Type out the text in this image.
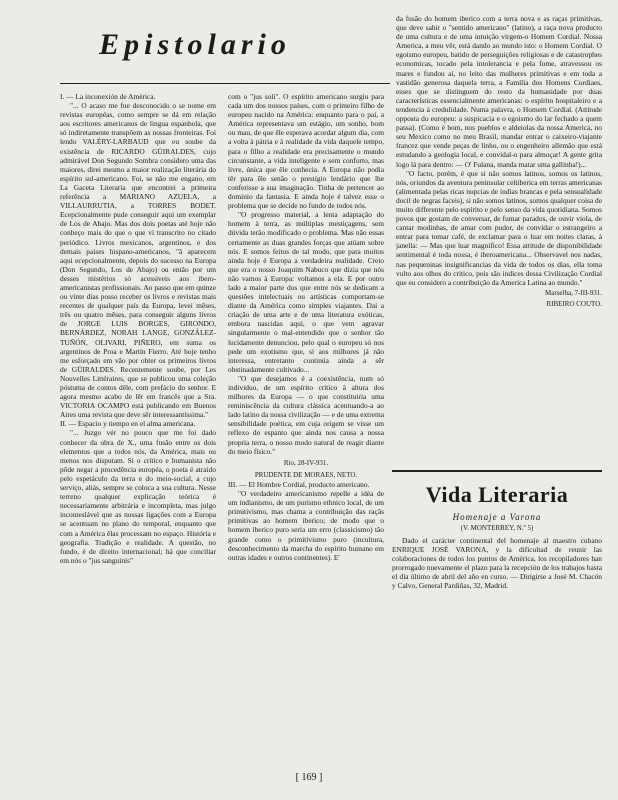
Epistolario

I. — La inconexión de América.

"... O acaso me fue desconocido o se nome em revistas européas, como sempre se dá em relação aos escritores americanos de lingua espanhola, que só indiretamente transpõem as nossas fronteiras. Foi lendo VALÉRY-LARBAUD que eu soube da existência de RICARDO GÜIRALDES, cujo admirável Don Segundo Sombra considero uma das maiores, direi mesmo a maior realização literária do espírito sul-americano. Foi, se não me engano, em La Gaceta Literaria que encontrei a primeira referência a MARIANO AZUELA, a VILLAURRUTIA, a TORRES BODET. Ecepcionalmente pude conseguir aqui um exemplar de Los de Abajo. Mas dos dois poetas até hoje não conheço mais do que o que vi transcrito no citado periódico. Livros mexicanos, argentinos, e dos demais países hispano-americanos, "ã aparecem aqui ecepcionalmente, depois do sucesso na Europa (Don Segundo, Los de Abajo) ou então por um desses mistérios só acessiveis aos ibero-americanistas profissionais. Ao passo que em quinze ou vinte dias posso receber os livros e revistas mais recentes de qualquer país da Europa, levei mêses, três ou quatro mêses, para conseguir alguns livros de JORGE LUIS BORGES, GIRONDO, BERNÁRDEZ, NORAH LANGE, GONZÁLEZ-TUÑÓN, OLIVARI, PIÑERO, em suma os argentinos de Proa e Martín Fierro. Até hoje tenho me esforçado em vão por obter os primeiros livros de GÜIRALDES. Recentemente soube, por Les Nouvelles Littéraires, que se publicou uma coleção póstuma de contos dêle, com prefácio do senhor. E agora mesmo acabo de lêr em francês que a Sra. VICTORIA OCAMPO está publicando em Buenos Aires uma revista que deve sêr interessantíssima."

II. — Espacio y tiempo en el alma americana.

"... Juzgo vér no pouco que me foi dado conhecer da obra de X., uma fusão entre os dois elementos que a todos nós, da América, mais ou menos nos disputam. Si o crítico e humanista não pôde negar a procedência européa, o poeta é atraido pelo espetáculo da terra e do meio-social, a cujo serviço, aliás, sempre se coloca a sua cultura. Nesse terreno qualquer explicação teórica é necessariamente arbitrária e incompleta, mas julgo inconteslável que as nossas ligações com a Europa se acentuam no plano do temporal, enquanto que com a América êlas processam no espaço. História e geografia. Tradição e realidade. A questão, no fundo, é de direito internacional; há que conciliar em nós o "jus sanguinis"

com o "jus soli". O espírito americano surgiu para cada um dos nossos países, com o primeiro filho de europeu nacido na América: enquanto para o pai, a América representava um estágio, um sonho, bom ou mau, de que êle esperava acordar algum dia, com a volta à pátria e à realidade da vida daquele tempo, para o filho a realidade era precisamente o mundo circunstante, a vida inteligente e sem conforto, mas livre, única que êle conhecia. A Europa não podia têr para êle senão o prestígio lendário que lhe conferisse a sua imaginação. Tinha de pertencer ao domínio da fantasia. E ainda hoje é talvez esse o problema que se decide no fundo de todos nós.

"O progresso material, a lenta adaptação do homem à terra, as múltiplas mestiçagens, sem dúvida terão modificado o problema. Mas não essas certamente as duas grandes forças que atúam sobre nós. E somos feitos de tal modo, que para muitos ainda hoje é Europa a verdadeira realidade. Creio que era o nosso Joaquim Nabuco que dizia que nós não vamos à Europa: voltamos a ela. E por outro lado a maior parte dos que entre nós se dedicam a questões intelectuais ou artísticas comportam-se diante da América como simples viajantes. Daí a criação de uma arte e de uma literatura exóticas, embora nascidas aqui, o que vem agravar singularmente o mal-entendido que o senhor tão lucidamente denunciou, pelo qual o europeu só nos pede um exotismo que, si aos milhores já não interessa, entretanto continúa ainda a sêr obstinadamente cultivado...

"O que desejamos é a coexistência, num só individuo, de um espírito crítico à altura dos milhores da Europa — o que constituiria uma reminiscência da cultura clássica acentuando-a ao lado latino da nossa civilização — e de uma extrema sensibilidade poética, em cuja origem se visse um reflexo do espanto que ainda nos causa a nossa propria terra, o nosso modo natural de reagir diante do meio físico."

Rio, 28-IV-931.
PRUDENTE DE MORAES, NETO.

III. — El Hombre Cordial, producto americano.

"O verdadeiro americanismo repelle a idéa de um indianismo, de um purismo ethnico local, de um primitivismo, mas chama a contribuição das raçãs primitivas ao homem iberico; de modo que o homem iberico puro seria um erro (classicismo) tão grande como o primitivismo puro (incultura, desconhecimento da marcha do espírito humano em outras idades e outros continentes). E'

da fusão do homem iberico com a terra nova e as raças primitivas, que deve sahir o "sentido americano" (latino), a raça nova producto de uma cultura e de uma intuição virgem-o Homem Cordial. Nossa America, a meu vêr, está dando ao mundo isto: o Homem Cordial. O egoismo europeu, batido de perseguições religiosas e de catastrophes economicas, tocado pela intolerancia e pela fome, atravessou os mares e fundou aí, no leito das mulheres primitivas e em toda a vastidão generosa daquela terra, a Família dos Homens Cordiaes, esses que se distinguem do resto da humanidade por duas características essencialmente americanas: o espírito hospitaleiro e a tendencia à credulidade. Numa palavra, o Homem Cordial. (Attitude opposta do europeu: a suspicacia e o egoismo do lar fechado a quem passa). (Como é bom, nos pueblos e aldeiolas da nossa America, no seu Mexico como no meu Brasil, mandar entrar o caixeiro-viajante francez que vende peças de linho, ou o engenheiro allemão que está estudando a geologia local, e convidal-o para almoçar! A gente grita logo lá para dentro: — O' Fulana, manda matar uma gallinha!)...

"O facto, porém, é que si não somos latinos, somos os latinos, nós, oriundos da aventura peninsular celtiberica em terras americanas (alimentada pelas ricas nupcias de índias brancas e pela sensualidade docil de negras faceis), si não somos latinos, somos qualquer coisa de muito differente pelo espirito e pelo senso da vida quotidiana. Somos povos que gostam de conversar, de fumar parados, de ouvir viola, de cantar modinhas, de amar com pudor, de convidar o estrangeiro a entrar para tomar café, de exclamar para o luar em noites claras, à janella: — Mas que luar magnifico! Essa attitude de disponibilidade sentimental é toda nossa, é iberoamericana... Observavel nos nadas, nas pequeninas insignificancias da vida de todos os dias, ella toma vulto aos olhos do critico, pois são indices dessa Civilização Cordial que eu considero a contribuição da America Latina ao mundo."

Marselha, 7-III-931.
RIBEIRO COUTO.
Vida Literaria
Homenaje a Varona
(V. MONTERREY, N.º 5)
Dado el carácter continental del homenaje al maestro cubano ENRIQUE JOSÉ VARONA, y la dificultad de reunir las colaboraciones de todos los puntos de América, los recopiladores han prorrogado nuevamente el plazo para la recepción de los trabajos hasta el día último de abril del año en curso. — Dirigirse a José M. Chacón y Calvo, General Pardiñas, 32, Madrid.
[ 169 ]
